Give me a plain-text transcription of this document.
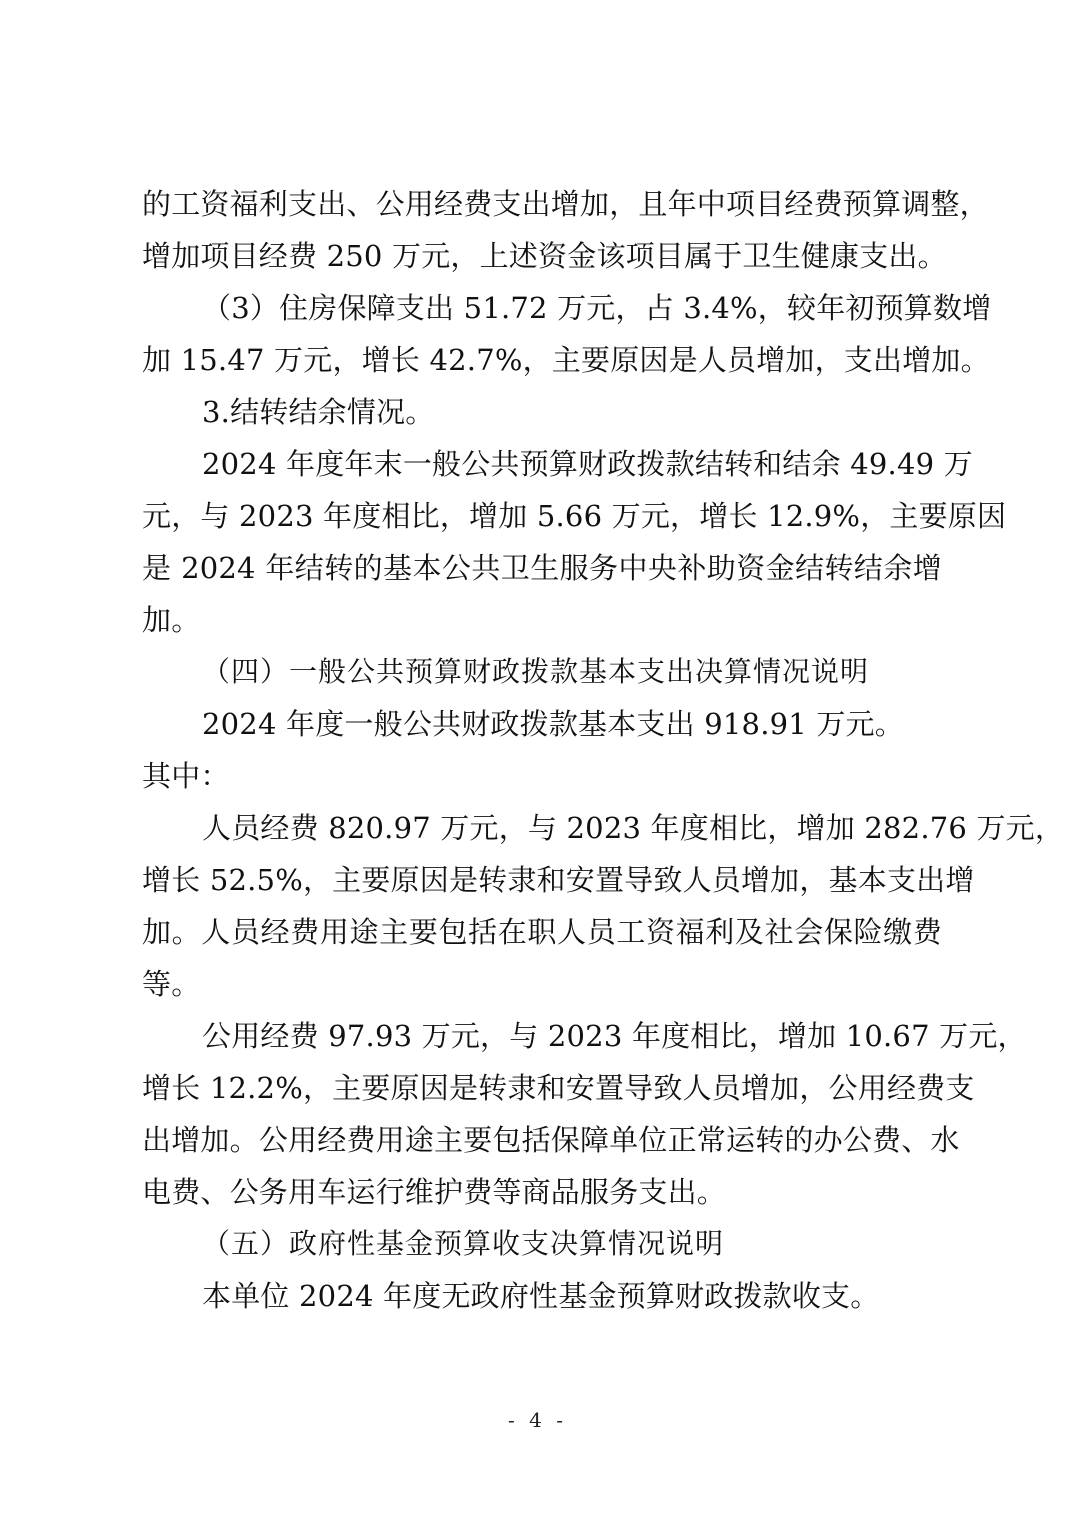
的工资福利支出、公用经费支出增加，且年中项目经费预算调整，
增加项目经费 250 万元，上述资金该项目属于卫生健康支出。
（3）住房保障支出 51.72 万元，占 3.4%，较年初预算数增
加 15.47 万元，增长 42.7%，主要原因是人员增加，支出增加。
3.结转结余情况。
2024 年度年末一般公共预算财政拨款结转和结余 49.49 万
元，与 2023 年度相比，增加 5.66 万元，增长 12.9%，主要原因
是 2024 年结转的基本公共卫生服务中央补助资金结转结余增
加。
（四）一般公共预算财政拨款基本支出决算情况说明
2024 年度一般公共财政拨款基本支出 918.91 万元。
其中：
人员经费 820.97 万元，与 2023 年度相比，增加 282.76 万元，
增长 52.5%，主要原因是转隶和安置导致人员增加，基本支出增
加。人员经费用途主要包括在职人员工资福利及社会保险缴费
等。
公用经费 97.93 万元，与 2023 年度相比，增加 10.67 万元，
增长 12.2%，主要原因是转隶和安置导致人员增加，公用经费支
出增加。公用经费用途主要包括保障单位正常运转的办公费、水
电费、公务用车运行维护费等商品服务支出。
（五）政府性基金预算收支决算情况说明
本单位 2024 年度无政府性基金预算财政拨款收支。
- 4 -
